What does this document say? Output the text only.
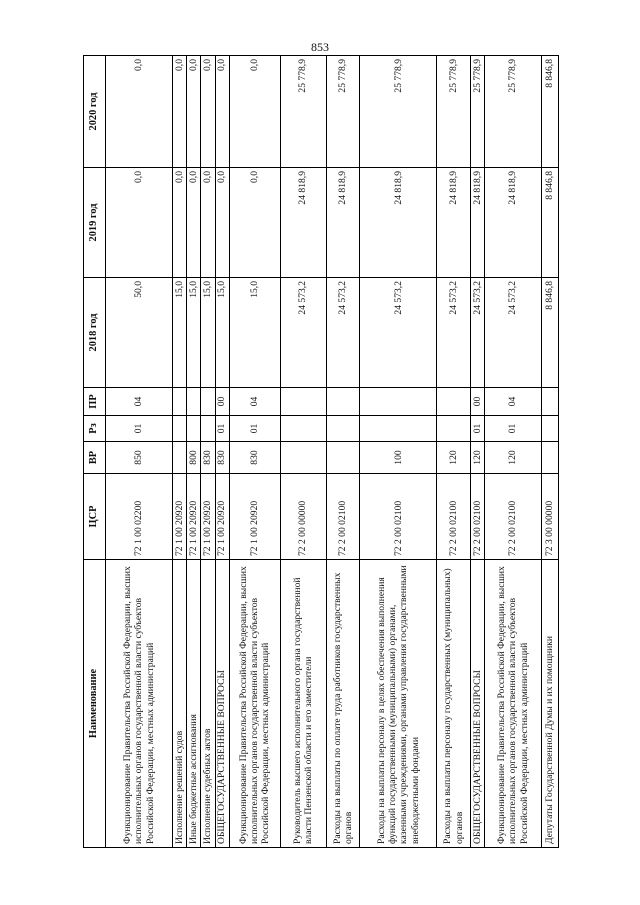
853
Наименование	ЦСР	ВР	Рз	ПР	2018 год	2019 год	2020 год
Функционирование Правительства Российской Федерации, высших исполнительных органов государственной власти субъектов Российской Федерации, местных администраций	72 1 00 02200	850	01	04	50,0	0,0	0,0
Исполнение решений судов	72 1 00 20920				15,0	0,0	0,0
Иные бюджетные ассигнования	72 1 00 20920	800			15,0	0,0	0,0
Исполнение судебных актов	72 1 00 20920	830			15,0	0,0	0,0
ОБЩЕГОСУДАРСТВЕННЫЕ ВОПРОСЫ	72 1 00 20920	830	01	00	15,0	0,0	0,0
Функционирование Правительства Российской Федерации, высших исполнительных органов государственной власти субъектов Российской Федерации, местных администраций	72 1 00 20920	830	01	04	15,0	0,0	0,0
Руководитель высшего исполнительного органа государственной власти Пензенской области и его заместители	72 2 00 00000				24 573,2	24 818,9	25 778,9
Расходы на выплаты по оплате труда работников государственных органов	72 2 00 02100				24 573,2	24 818,9	25 778,9
Расходы на выплаты персоналу в целях обеспечения выполнения функций государственными (муниципальными) органами, казенными учреждениями, органами управления государственными внебюджетными фондами	72 2 00 02100	100			24 573,2	24 818,9	25 778,9
Расходы на выплаты персоналу государственных (муниципальных) органов	72 2 00 02100	120			24 573,2	24 818,9	25 778,9
ОБЩЕГОСУДАРСТВЕННЫЕ ВОПРОСЫ	72 2 00 02100	120	01	00	24 573,2	24 818,9	25 778,9
Функционирование Правительства Российской Федерации, высших исполнительных органов государственной власти субъектов Российской Федерации, местных администраций	72 2 00 02100	120	01	04	24 573,2	24 818,9	25 778,9
Депутаты Государственной Думы и их помощники	72 3 00 00000				8 846,8	8 846,8	8 846,8
